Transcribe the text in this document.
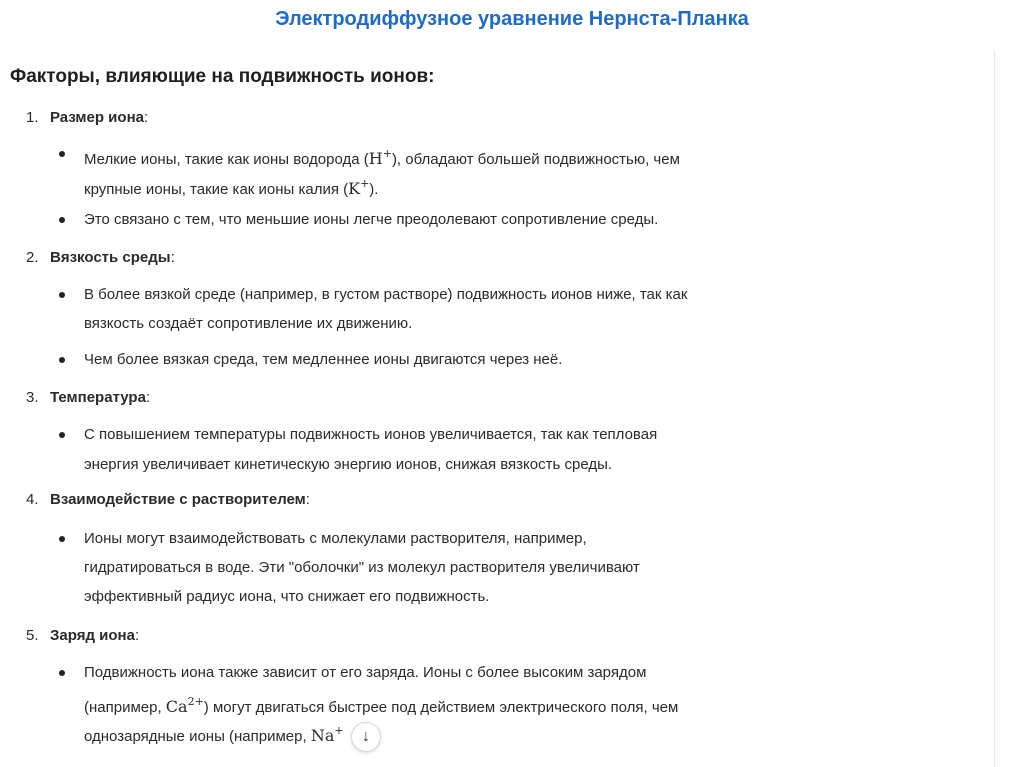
Электродиффузное уравнение Нернста-Планка
Факторы, влияющие на подвижность ионов:
1. Размер иона:
Мелкие ионы, такие как ионы водорода (H+), обладают большей подвижностью, чем
крупные ионы, такие как ионы калия (K+).
Это связано с тем, что меньшие ионы легче преодолевают сопротивление среды.
2. Вязкость среды:
В более вязкой среде (например, в густом растворе) подвижность ионов ниже, так как
вязкость создаёт сопротивление их движению.
Чем более вязкая среда, тем медленнее ионы двигаются через неё.
3. Температура:
С повышением температуры подвижность ионов увеличивается, так как тепловая
энергия увеличивает кинетическую энергию ионов, снижая вязкость среды.
4. Взаимодействие с растворителем:
Ионы могут взаимодействовать с молекулами растворителя, например,
гидратироваться в воде. Эти "оболочки" из молекул растворителя увеличивают
эффективный радиус иона, что снижает его подвижность.
5. Заряд иона:
Подвижность иона также зависит от его заряда. Ионы с более высоким зарядом
(например, $Ca^{2+}$) могут двигаться быстрее под действием электрического поля, чем
однозарядные ионы (например, Na+ ↓
